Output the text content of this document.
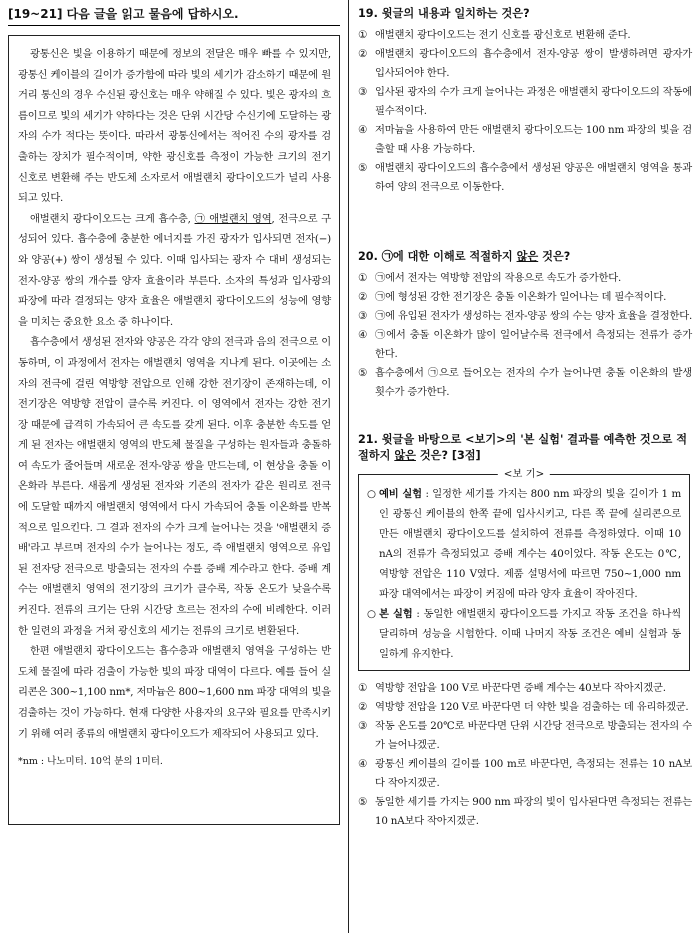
[19~21] 다음 글을 읽고 물음에 답하시오.

광통신은 빛을 이용하기 때문에 정보의 전달은 매우 빠를 수 있지만, 광통신 케이블의 길이가 증가함에 따라 빛의 세기가 감소하기 때문에 원거리 통신의 경우 수신된 광신호는 매우 약해질 수 있다. 빛은 광자의 흐름이므로 빛의 세기가 약하다는 것은 단위 시간당 수신기에 도달하는 광자의 수가 적다는 뜻이다. 따라서 광통신에서는 적어진 수의 광자를 검출하는 장치가 필수적이며, 약한 광신호를 측정이 가능한 크기의 전기 신호로 변환해 주는 반도체 소자로서 애벌랜치 광다이오드가 널리 사용되고 있다.

애벌랜치 광다이오드는 크게 흡수층, ㉠ 애벌랜치 영역, 전극으로 구성되어 있다. 흡수층에 충분한 에너지를 가진 광자가 입사되면 전자(−)와 양공(+) 쌍이 생성될 수 있다. 이때 입사되는 광자 수 대비 생성되는 전자-양공 쌍의 개수를 양자 효율이라 부른다. 소자의 특성과 입사광의 파장에 따라 결정되는 양자 효율은 애벌랜치 광다이오드의 성능에 영향을 미치는 중요한 요소 중 하나이다.

흡수층에서 생성된 전자와 양공은 각각 양의 전극과 음의 전극으로 이동하며, 이 과정에서 전자는 애벌랜치 영역을 지나게 된다. 이곳에는 소자의 전극에 걸린 역방향 전압으로 인해 강한 전기장이 존재하는데, 이 전기장은 역방향 전압이 클수록 커진다. 이 영역에서 전자는 강한 전기장 때문에 급격히 가속되어 큰 속도를 갖게 된다. 이후 충분한 속도를 얻게 된 전자는 애벌랜치 영역의 반도체 물질을 구성하는 원자들과 충돌하여 속도가 줄어들며 새로운 전자-양공 쌍을 만드는데, 이 현상을 충돌 이온화라 부른다. 새롭게 생성된 전자와 기존의 전자가 같은 원리로 전극에 도달할 때까지 애벌랜치 영역에서 다시 가속되어 충돌 이온화를 반복적으로 일으킨다. 그 결과 전자의 수가 크게 늘어나는 것을 '애벌랜치 증배'라고 부르며 전자의 수가 늘어나는 정도, 즉 애벌랜치 영역으로 유입된 전자당 전극으로 방출되는 전자의 수를 증배 계수라고 한다. 증배 계수는 애벌랜치 영역의 전기장의 크기가 클수록, 작동 온도가 낮을수록 커진다. 전류의 크기는 단위 시간당 흐르는 전자의 수에 비례한다. 이러한 일련의 과정을 거쳐 광신호의 세기는 전류의 크기로 변환된다.

한편 애벌랜치 광다이오드는 흡수층과 애벌랜치 영역을 구성하는 반도체 물질에 따라 검출이 가능한 빛의 파장 대역이 다르다. 예를 들어 실리콘은 300~1,100 nm*, 저마늄은 800~1,600 nm 파장 대역의 빛을 검출하는 것이 가능하다. 현재 다양한 사용자의 요구와 필요를 만족시키기 위해 여러 종류의 애벌랜치 광다이오드가 제작되어 사용되고 있다.

*nm : 나노미터. 10억 분의 1미터.
19. 윗글의 내용과 일치하는 것은?
① 애벌랜치 광다이오드는 전기 신호를 광신호로 변환해 준다.
② 애벌랜치 광다이오드의 흡수층에서 전자-양공 쌍이 발생하려면 광자가 입사되어야 한다.
③ 입사된 광자의 수가 크게 늘어나는 과정은 애벌랜치 광다이오드의 작동에 필수적이다.
④ 저마늄을 사용하여 만든 애벌랜치 광다이오드는 100 nm 파장의 빛을 검출할 때 사용 가능하다.
⑤ 애벌랜치 광다이오드의 흡수층에서 생성된 양공은 애벌랜치 영역을 통과하여 양의 전극으로 이동한다.
20. ㉠에 대한 이해로 적절하지 않은 것은?
① ㉠에서 전자는 역방향 전압의 작용으로 속도가 증가한다.
② ㉠에 형성된 강한 전기장은 충돌 이온화가 일어나는 데 필수적이다.
③ ㉠에 유입된 전자가 생성하는 전자-양공 쌍의 수는 양자 효율을 결정한다.
④ ㉠에서 충돌 이온화가 많이 일어날수록 전극에서 측정되는 전류가 증가한다.
⑤ 흡수층에서 ㉠으로 들어오는 전자의 수가 늘어나면 충돌 이온화의 발생 횟수가 증가한다.
21. 윗글을 바탕으로 <보기>의 '본 실험' 결과를 예측한 것으로 적절하지 않은 것은? [3점]
<보 기>
○ 예비 실험 : 일정한 세기를 가지는 800 nm 파장의 빛을 길이가 1 m인 광통신 케이블의 한쪽 끝에 입사시키고, 다른 쪽 끝에 실리콘으로 만든 애벌랜치 광다이오드를 설치하여 전류를 측정하였다. 이때 10 nA의 전류가 측정되었고 증배 계수는 40이었다. 작동 온도는 0℃, 역방향 전압은 110 V였다. 제품 설명서에 따르면 750~1,000 nm 파장 대역에서는 파장이 커짐에 따라 양자 효율이 작아진다.
○ 본 실험 : 동일한 애벌랜치 광다이오드를 가지고 작동 조건을 하나씩 달리하며 성능을 시험한다. 이때 나머지 작동 조건은 예비 실험과 동일하게 유지한다.
① 역방향 전압을 100 V로 바꾼다면 증배 계수는 40보다 작아지겠군.
② 역방향 전압을 120 V로 바꾼다면 더 약한 빛을 검출하는 데 유리하겠군.
③ 작동 온도를 20℃로 바꾼다면 단위 시간당 전극으로 방출되는 전자의 수가 늘어나겠군.
④ 광통신 케이블의 길이를 100 m로 바꾼다면, 측정되는 전류는 10 nA보다 작아지겠군.
⑤ 동일한 세기를 가지는 900 nm 파장의 빛이 입사된다면 측정되는 전류는 10 nA보다 작아지겠군.
